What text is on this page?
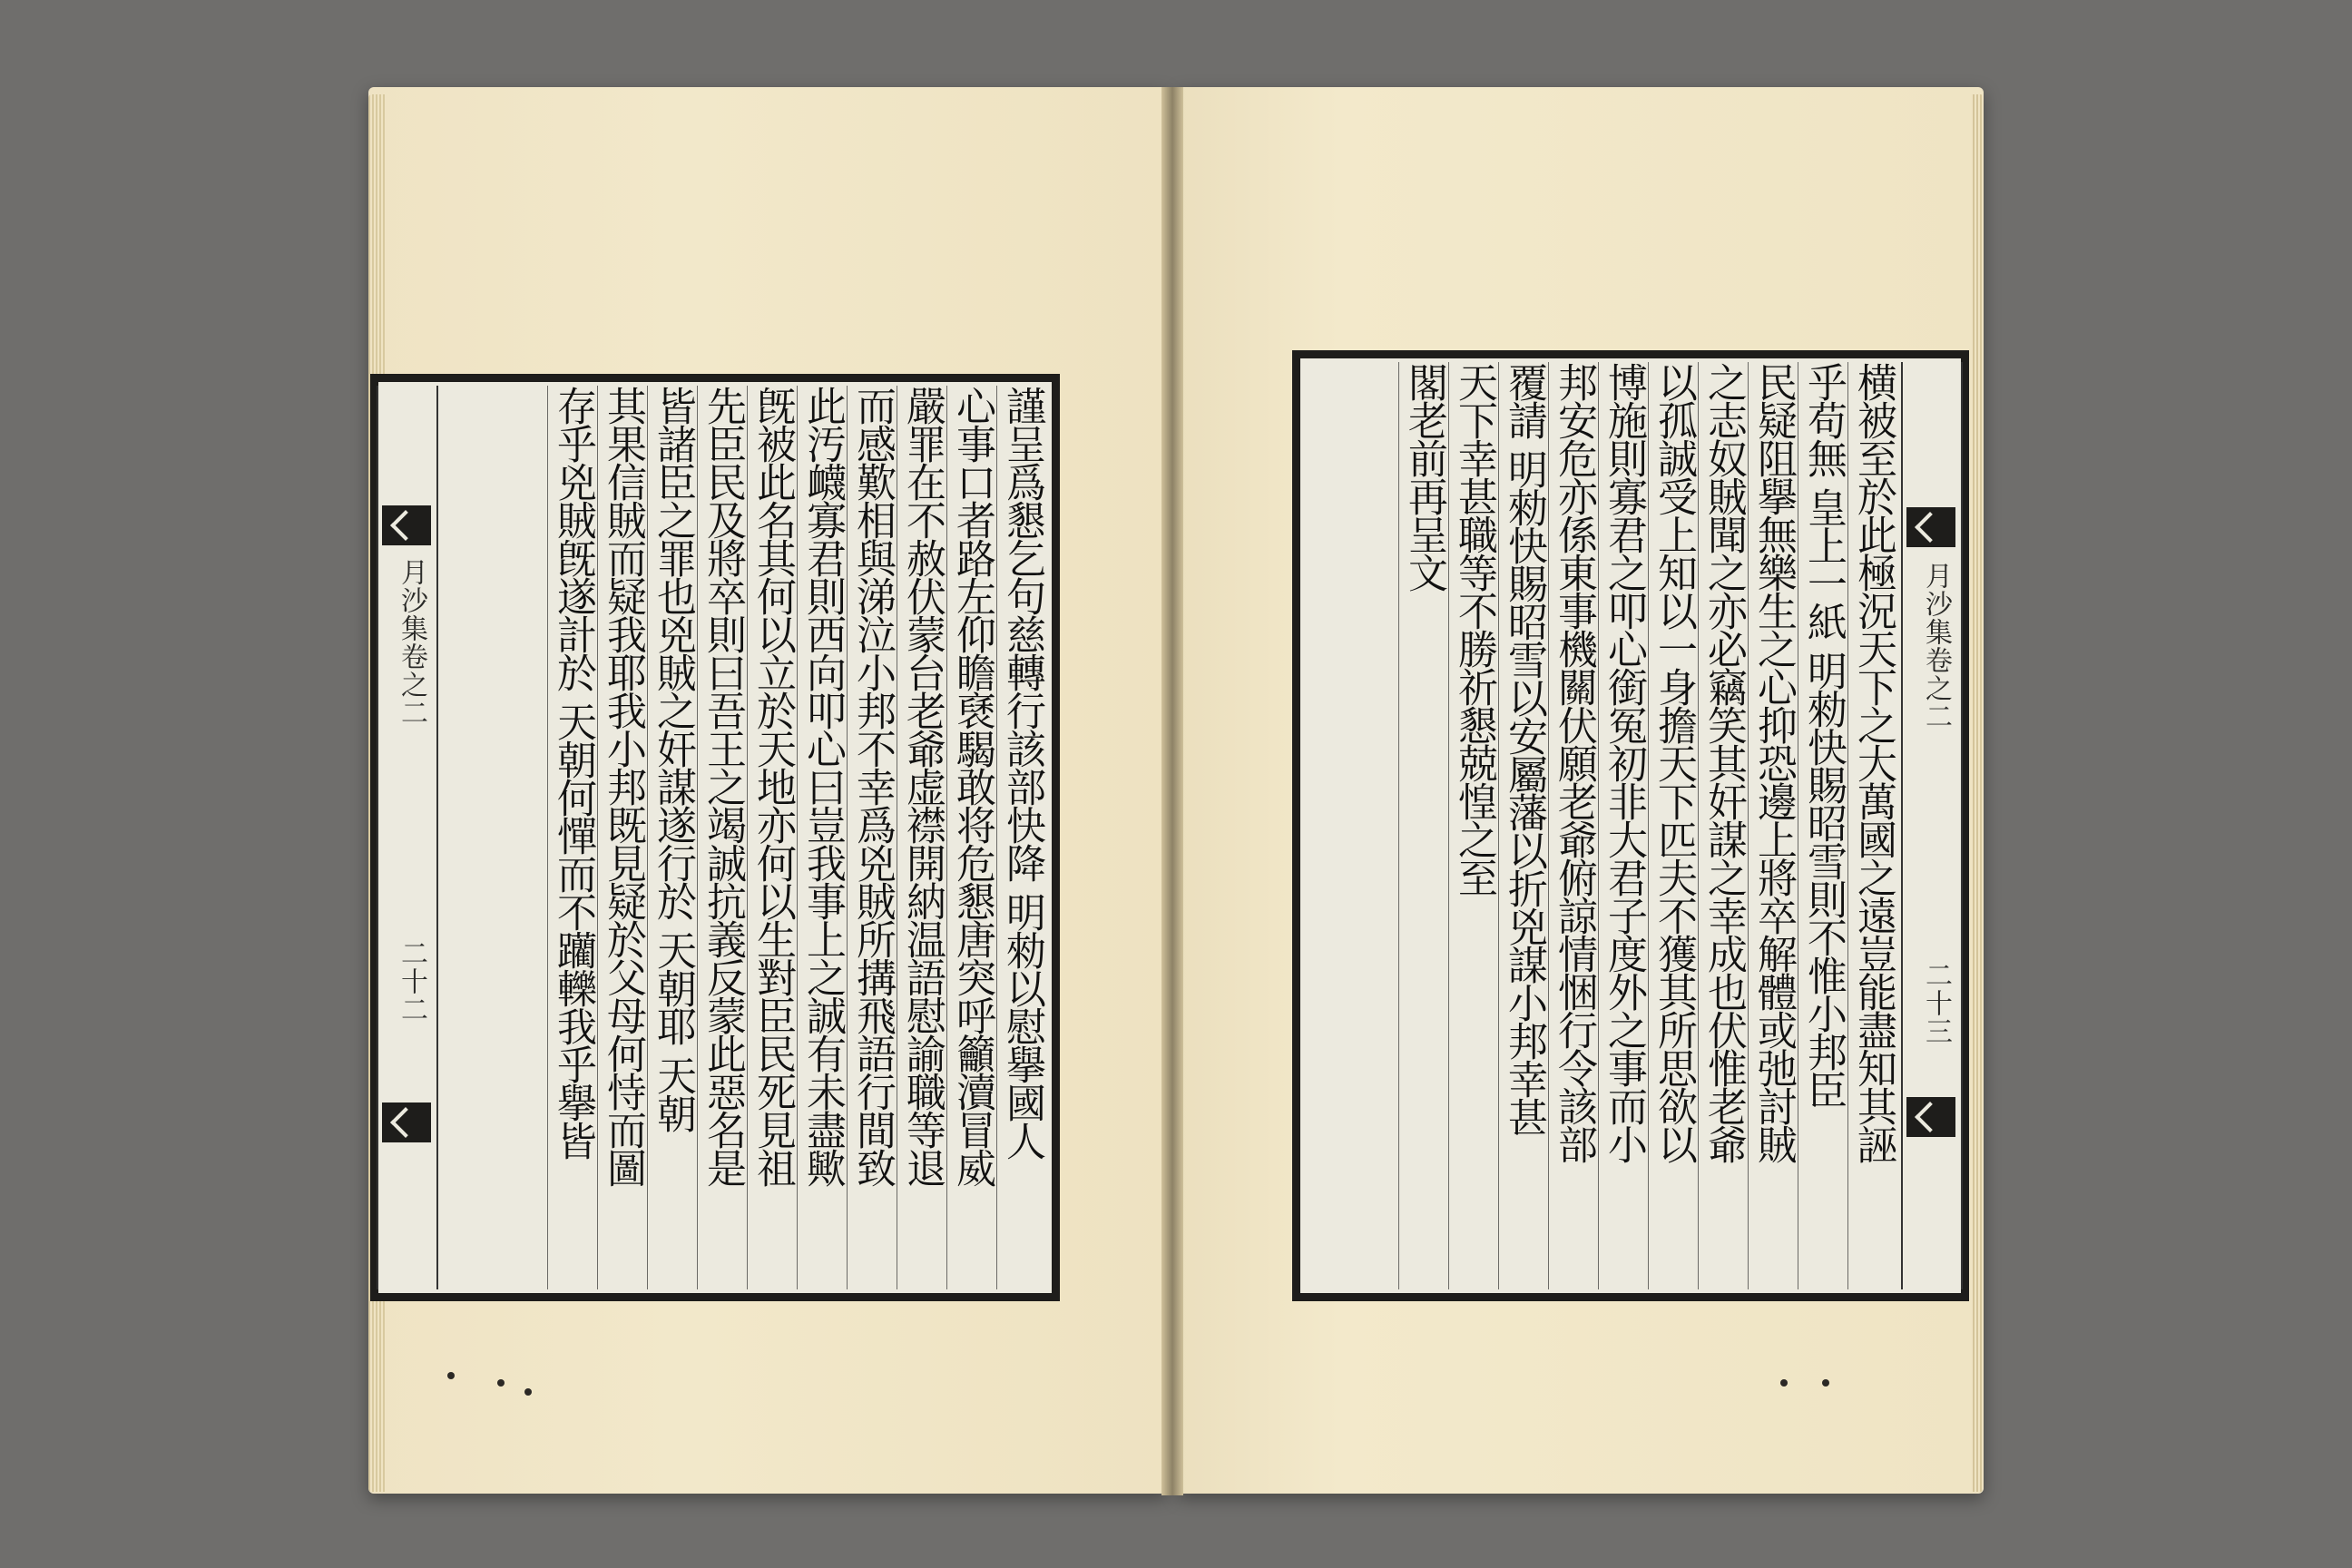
謹呈爲懇乞句慈轉行該部快降 明勑以慰擧國人
心事口者路左仰瞻褎騔敢将危懇唐突呼籲瀆冒威
嚴罪在不赦伏蒙台老爺虚襟開納温語慰諭職等退
而感歎相與涕泣小邦不幸爲兇賊所搆飛語行間致
此汚衊寡君則西向叩心曰豈我事上之誠有未盡歟
旣被此名其何以立於天地亦何以生對臣民死見祖
先臣民及將卒則曰吾王之竭誠抗義反蒙此惡名是
皆諸臣之罪也兇賊之奸謀遂行於 天朝耶 天朝
其果信賊而疑我耶我小邦既見疑於父母何恃而圖
存乎兇賊旣遂計於 天朝何憚而不躪轢我乎擧皆
月沙集卷之二
二十二
月沙集卷之二
二十三
横被至於此極況天下之大萬國之遠豈能盡知其誣
乎苟無 皇上一紙 明勑快賜昭雪則不惟小邦臣
民疑阻擧無樂生之心抑恐邊上將卒解體或弛討賊
之志奴賊聞之亦必竊笑其奸謀之幸成也伏惟老爺
以孤誠受上知以一身擔天下匹夫不獲其所思欲以
博施則寡君之叩心銜冤初非大君子度外之事而小
邦安危亦係東事機關伏願老爺俯諒情悃行令該部
覆請 明勑快賜昭雪以安屬藩以折兇謀小邦幸甚
天下幸甚職等不勝祈懇兢惶之至
閣老前再呈文
